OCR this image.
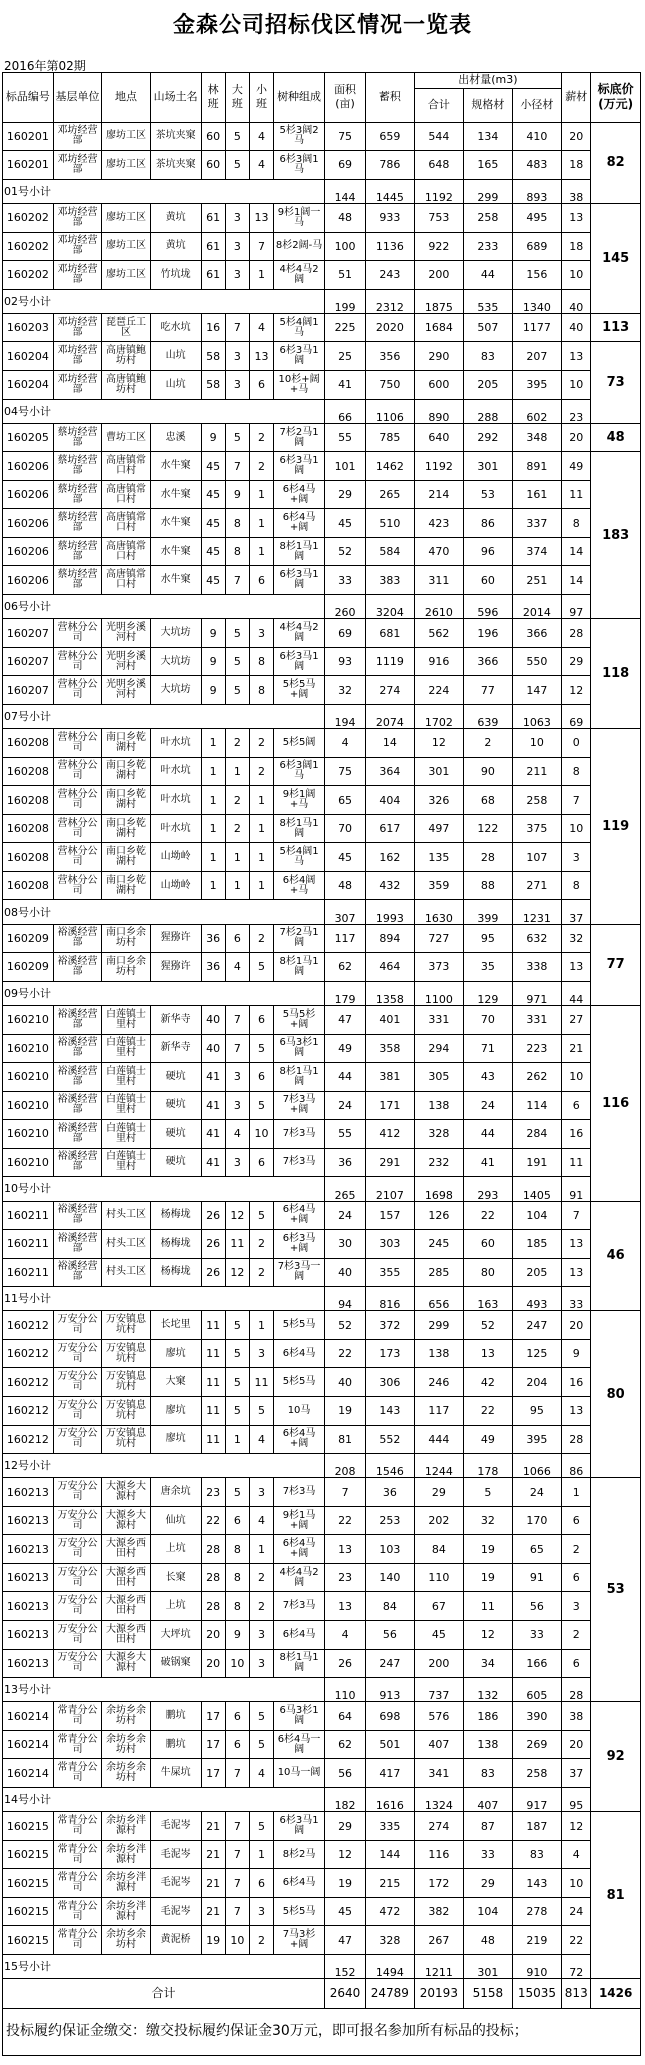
金森公司招标伐区情况一览表
2016年第02期
标品编号	基层单位	地点	山场土名	林班	大班	小班	树种组成	面积(亩)	蓄积	出材量(m3)			薪材	标底价(万元)
										合计	规格材	小径材		
160201	邓坊经营部	廖坊工区	茶坑夹窠	60	5	4	5杉3阔2马	75	659	544	134	410	20	82
160201	邓坊经营部	廖坊工区	茶坑夹窠	60	5	4	6杉3阔1马	69	786	648	165	483	18	
01号小计								144	1445	1192	299	893	38	
160202	邓坊经营部	廖坊工区	黄坑	61	3	13	9杉1阔一马	48	933	753	258	495	13	145
160202	邓坊经营部	廖坊工区	黄坑	61	3	7	8杉2阔-马	100	1136	922	233	689	18	
160202	邓坊经营部	廖坊工区	竹坑垅	61	3	1	4杉4马2阔	51	243	200	44	156	10	
02号小计								199	2312	1875	535	1340	40	
160203	邓坊经营部	琵琶丘工区	吃水坑	16	7	4	5杉4阔1马	225	2020	1684	507	1177	40	113
160204	邓坊经营部	高唐镇鲍坊村	山坑	58	3	13	6杉3马1阔	25	356	290	83	207	13	73
160204	邓坊经营部	高唐镇鲍坊村	山坑	58	3	6	10杉+阔+马	41	750	600	205	395	10	
04号小计								66	1106	890	288	602	23	
160205	蔡坊经营部	曹坊工区	忠溪	9	5	2	7杉2马1阔	55	785	640	292	348	20	48
160206	蔡坊经营部	高唐镇常口村	水牛窠	45	7	2	6杉3马1阔	101	1462	1192	301	891	49	183
160206	蔡坊经营部	高唐镇常口村	水牛窠	45	9	1	6杉4马+阔	29	265	214	53	161	11	
160206	蔡坊经营部	高唐镇常口村	水牛窠	45	8	1	6杉4马+阔	45	510	423	86	337	8	
160206	蔡坊经营部	高唐镇常口村	水牛窠	45	8	1	8杉1马1阔	52	584	470	96	374	14	
160206	蔡坊经营部	高唐镇常口村	水牛窠	45	7	6	6杉3马1阔	33	383	311	60	251	14	
06号小计								260	3204	2610	596	2014	97	
160207	营林分公司	光明乡溪河村	大坑坊	9	5	3	4杉4马2阔	69	681	562	196	366	28	118
160207	营林分公司	光明乡溪河村	大坑坊	9	5	8	6杉3马1阔	93	1119	916	366	550	29	
160207	营林分公司	光明乡溪河村	大坑坊	9	5	8	5杉5马+阔	32	274	224	77	147	12	
07号小计								194	2074	1702	639	1063	69	
160208	营林分公司	南口乡乾湖村	叶水坑	1	2	2	5杉5阔	4	14	12	2	10	0	119
160208	营林分公司	南口乡乾湖村	叶水坑	1	1	2	6杉3阔1马	75	364	301	90	211	8	
160208	营林分公司	南口乡乾湖村	叶水坑	1	2	1	9杉1阔+马	65	404	326	68	258	7	
160208	营林分公司	南口乡乾湖村	叶水坑	1	2	1	8杉1马1阔	70	617	497	122	375	10	
160208	营林分公司	南口乡乾湖村	山坳岭	1	1	1	5杉4阔1马	45	162	135	28	107	3	
160208	营林分公司	南口乡乾湖村	山坳岭	1	1	1	6杉4阔+马	48	432	359	88	271	8	
08号小计								307	1993	1630	399	1231	37	
160209	裕溪经营部	南口乡余坊村	猩猕许	36	6	2	7杉2马1阔	117	894	727	95	632	32	77
160209	裕溪经营部	南口乡余坊村	猩猕许	36	4	5	8杉1马1阔	62	464	373	35	338	13	
09号小计								179	1358	1100	129	971	44	
160210	裕溪经营部	白莲镇士里村	新华寺	40	7	6	5马5杉+阔	47	401	331	70	331	27	116
160210	裕溪经营部	白莲镇士里村	新华寺	40	7	5	6马3杉1阔	49	358	294	71	223	21	
160210	裕溪经营部	白莲镇士里村	硬坑	41	3	6	8杉1马1阔	44	381	305	43	262	10	
160210	裕溪经营部	白莲镇士里村	硬坑	41	3	5	7杉3马+阔	24	171	138	24	114	6	
160210	裕溪经营部	白莲镇士里村	硬坑	41	4	10	7杉3马	55	412	328	44	284	16	
160210	裕溪经营部	白莲镇士里村	硬坑	41	3	6	7杉3马	36	291	232	41	191	11	
10号小计								265	2107	1698	293	1405	91	
160211	裕溪经营部	村头工区	杨梅垅	26	12	5	6杉4马+阔	24	157	126	22	104	7	46
160211	裕溪经营部	村头工区	杨梅垅	26	11	2	6杉3马+阔	30	303	245	60	185	13	
160211	裕溪经营部	村头工区	杨梅垅	26	12	2	7杉3马一阔	40	355	285	80	205	13	
11号小计								94	816	656	163	493	33	
160212	万安分公司	万安镇息坑村	长坨里	11	5	1	5杉5马	52	372	299	52	247	20	80
160212	万安分公司	万安镇息坑村	廖坑	11	5	3	6杉4马	22	173	138	13	125	9	
160212	万安分公司	万安镇息坑村	大窠	11	5	11	5杉5马	40	306	246	42	204	16	
160212	万安分公司	万安镇息坑村	廖坑	11	5	5	10马	19	143	117	22	95	13	
160212	万安分公司	万安镇息坑村	廖坑	11	1	4	6杉4马+阔	81	552	444	49	395	28	
12号小计								208	1546	1244	178	1066	86	
160213	万安分公司	大源乡大源村	唐余坑	23	5	3	7杉3马	7	36	29	5	24	1	53
160213	万安分公司	大源乡大源村	仙坑	22	6	4	9杉1马+阔	22	253	202	32	170	6	
160213	万安分公司	大源乡西田村	上坑	28	8	1	6杉4马+阔	13	103	84	19	65	2	
160213	万安分公司	大源乡西田村	长窠	28	8	2	4杉4马2阔	23	140	110	19	91	6	
160213	万安分公司	大源乡西田村	上坑	28	8	2	7杉3马	13	84	67	11	56	3	
160213	万安分公司	大源乡西田村	大坪坑	20	9	3	6杉4马	4	56	45	12	33	2	
160213	万安分公司	大源乡大源村	破锅窠	20	10	3	8杉1马1阔	26	247	200	34	166	6	
13号小计								110	913	737	132	605	28	
160214	常青分公司	余坊乡余坊村	鹏坑	17	6	5	6马3杉1阔	64	698	576	186	390	38	92
160214	常青分公司	余坊乡余坊村	鹏坑	17	6	5	6杉4马一阔	62	501	407	138	269	20	
160214	常青分公司	余坊乡余坊村	牛屎坑	17	7	4	10马一阔	56	417	341	83	258	37	
14号小计								182	1616	1324	407	917	95	
160215	常青分公司	余坊乡泮源村	毛泥岑	21	7	5	6杉3马1阔	29	335	274	87	187	12	81
160215	常青分公司	余坊乡泮源村	毛泥岑	21	7	1	8杉2马	12	144	116	33	83	4	
160215	常青分公司	余坊乡泮源村	毛泥岑	21	7	6	6杉4马	19	215	172	29	143	10	
160215	常青分公司	余坊乡泮源村	毛泥岑	21	7	3	5杉5马	45	472	382	104	278	24	
160215	常青分公司	余坊乡余坊村	黄泥桥	19	10	2	7马3杉+阔	47	328	267	48	219	22	
15号小计								152	1494	1211	301	910	72	
合计								2640	24789	20193	5158	15035	813	1426
投标履约保证金缴交：缴交投标履约保证金30万元，即可报名参加所有标品的投标；														
